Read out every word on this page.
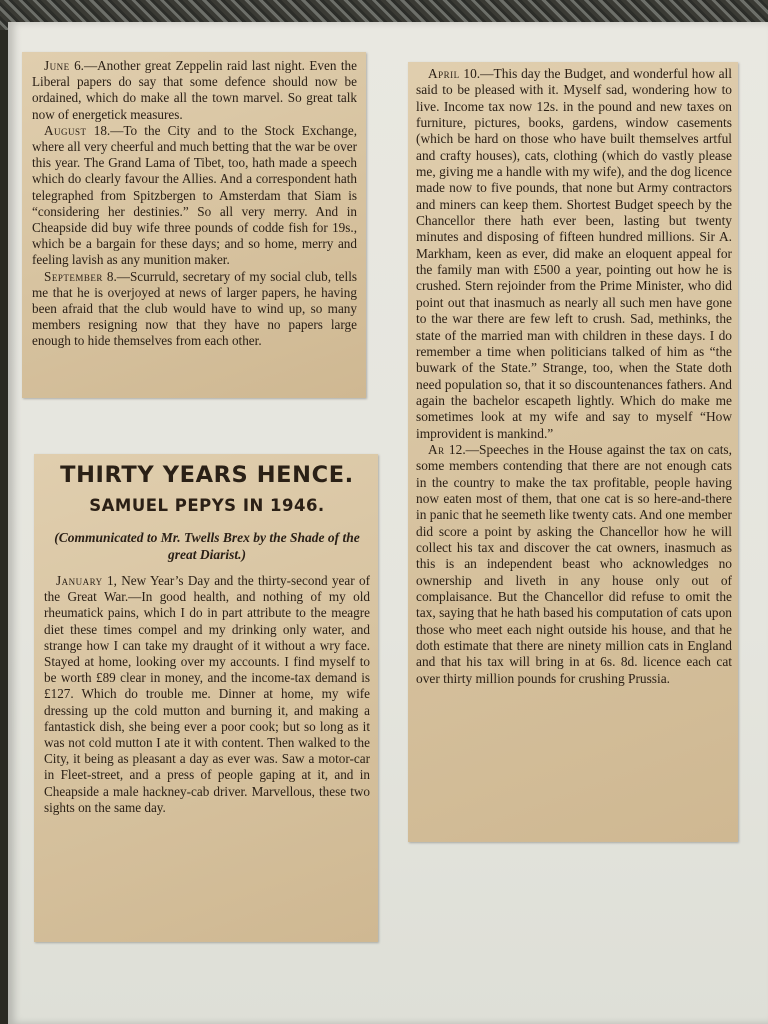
June 6.—Another great Zeppelin raid last night. Even the Liberal papers do say that some defence should now be ordained, which do make all the town marvel. So great talk now of energetick measures.

August 18.—To the City and to the Stock Exchange, where all very cheerful and much betting that the war be over this year. The Grand Lama of Tibet, too, hath made a speech which do clearly favour the Allies. And a correspondent hath telegraphed from Spitzbergen to Amsterdam that Siam is “considering her destinies.” So all very merry. And in Cheapside did buy wife three pounds of codde fish for 19s., which be a bargain for these days; and so home, merry and feeling lavish as any munition maker.

September 8.—Scurruld, secretary of my social club, tells me that he is overjoyed at news of larger papers, he having been afraid that the club would have to wind up, so many members resigning now that they have no papers large enough to hide themselves from each other.

April 10.—This day the Budget, and wonderful how all said to be pleased with it. Myself sad, wondering how to live. Income tax now 12s. in the pound and new taxes on furniture, pictures, books, gardens, window casements (which be hard on those who have built themselves artful and crafty houses), cats, clothing (which do vastly please me, giving me a handle with my wife), and the dog licence made now to five pounds, that none but Army contractors and miners can keep them. Shortest Budget speech by the Chancellor there hath ever been, lasting but twenty minutes and disposing of fifteen hundred millions. Sir A. Markham, keen as ever, did make an eloquent appeal for the family man with £500 a year, pointing out how he is crushed. Stern rejoinder from the Prime Minister, who did point out that inasmuch as nearly all such men have gone to the war there are few left to crush. Sad, methinks, the state of the married man with children in these days. I do remember a time when politicians talked of him as “the buwark of the State.” Strange, too, when the State doth need population so, that it so discountenances fathers. And again the bachelor escapeth lightly. Which do make me sometimes look at my wife and say to myself “How improvident is mankind.”

Ar 12.—Speeches in the House against the tax on cats, some members contending that there are not enough cats in the country to make the tax profitable, people having now eaten most of them, that one cat is so here-and-there in panic that he seemeth like twenty cats. And one member did score a point by asking the Chancellor how he will collect his tax and discover the cat owners, inasmuch as this is an independent beast who acknowledges no ownership and liveth in any house only out of complaisance. But the Chancellor did refuse to omit the tax, saying that he hath based his computation of cats upon those who meet each night outside his house, and that he doth estimate that there are ninety million cats in England and that his tax will bring in at 6s. 8d. licence each cat over thirty million pounds for crushing Prussia.

THIRTY YEARS HENCE.
SAMUEL PEPYS IN 1946.
(Communicated to Mr. Twells Brex by the Shade of the great Diarist.)

January 1, New Year’s Day and the thirty-second year of the Great War.—In good health, and nothing of my old rheumatick pains, which I do in part attribute to the meagre diet these times compel and my drinking only water, and strange how I can take my draught of it without a wry face. Stayed at home, looking over my accounts. I find myself to be worth £89 clear in money, and the income-tax demand is £127. Which do trouble me. Dinner at home, my wife dressing up the cold mutton and burning it, and making a fantastick dish, she being ever a poor cook; but so long as it was not cold mutton I ate it with content. Then walked to the City, it being as pleasant a day as ever was. Saw a motor-car in Fleet-street, and a press of people gaping at it, and in Cheapside a male hackney-cab driver. Marvellous, these two sights on the same day.
